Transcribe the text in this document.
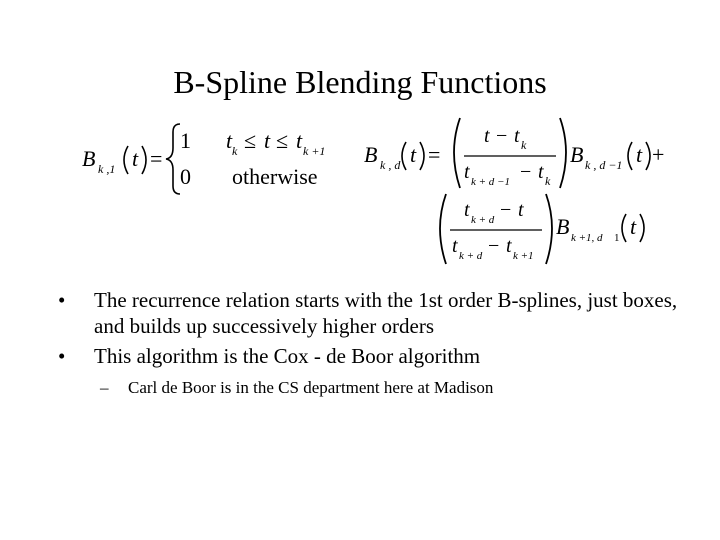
B-Spline Blending Functions
B k ,1 t =
1 t k ≤ t ≤ t k +1
0 otherwise
B k , d t =
t − t k
t k + d −1 − t k
B k , d −1 t +
t k + d − t
t k + d − t k +1
B k +1, d 1 t
•	The recurrence relation starts with the 1st order B-splines, just boxes, and builds up successively higher orders
•	This algorithm is the Cox - de Boor algorithm
–	Carl de Boor is in the CS department here at Madison
